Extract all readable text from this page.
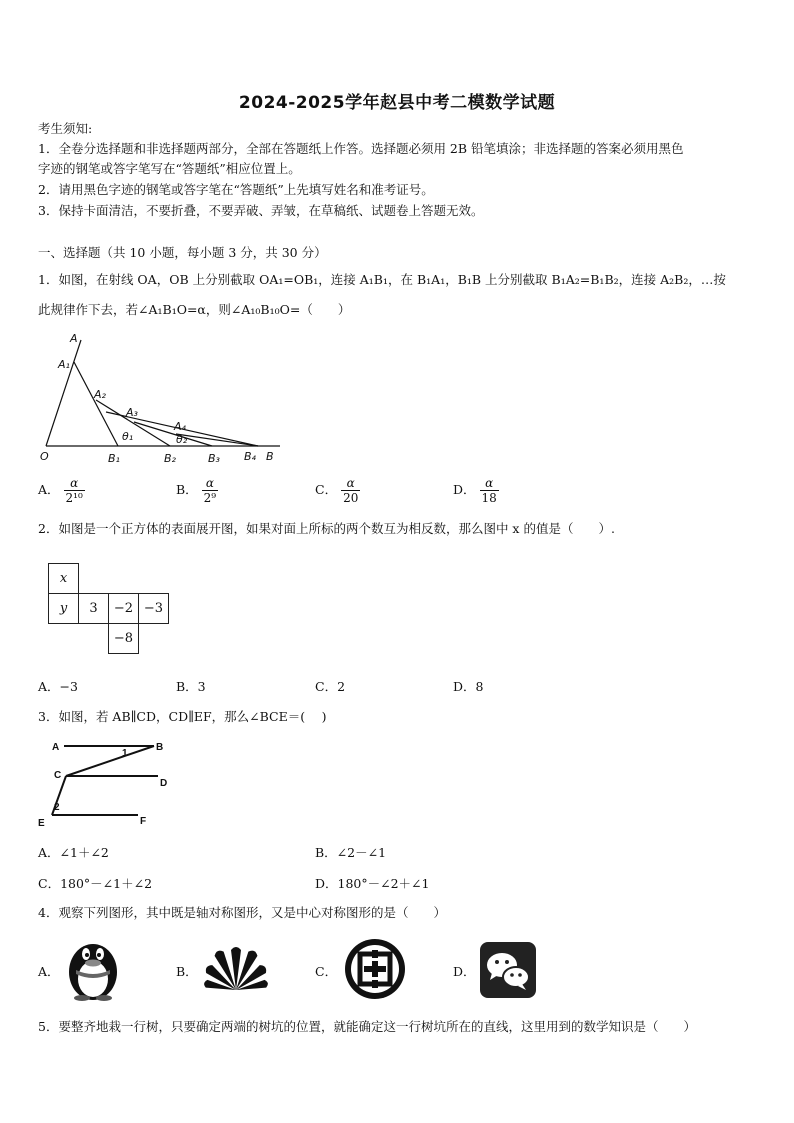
2024-2025学年赵县中考二模数学试题
考生须知:
1．全卷分选择题和非选择题两部分，全部在答题纸上作答。选择题必须用 2B 铅笔填涂；非选择题的答案必须用黑色
字迹的钢笔或答字笔写在“答题纸”相应位置上。
2．请用黑色字迹的钢笔或答字笔在“答题纸”上先填写姓名和准考证号。
3．保持卡面清洁，不要折叠，不要弄破、弄皱，在草稿纸、试题卷上答题无效。
一、选择题（共 10 小题，每小题 3 分，共 30 分）
1．如图，在射线 OA，OB 上分别截取 OA₁=OB₁，连接 A₁B₁，在 B₁A₁，B₁B 上分别截取 B₁A₂=B₁B₂，连接 A₂B₂，…按
此规律作下去，若∠A₁B₁O=α，则∠A₁₀B₁₀O=（　　）
A
A₁
A₂
A₃
A₄
θ₁	θ₂
O	B₁	B₂	B₃ B₄ B
A． $\frac{\alpha}{\text{2¹⁰}}$	B． $\frac{\alpha}{\text{2⁹}}$	C． $\frac{\alpha}{20}$	D． $\frac{\alpha}{18}$
2．如图是一个正方体的表面展开图，如果对面上所标的两个数互为相反数，那么图中 x 的值是（　　）.
x			
y	3	−2	−3
		−8	
A．−3	B．3	C．2	D．8
3．如图，若 AB∥CD，CD∥EF，那么∠BCE＝(　 )
A	B
1
C
D
2
E	F
A．∠1＋∠2	B．∠2－∠1
C．180°－∠1＋∠2	D．180°－∠2＋∠1
4．观察下列图形，其中既是轴对称图形，又是中心对称图形的是（　　）
A．	B．	C．	D．
5．要整齐地栽一行树，只要确定两端的树坑的位置，就能确定这一行树坑所在的直线，这里用到的数学知识是（　　）
